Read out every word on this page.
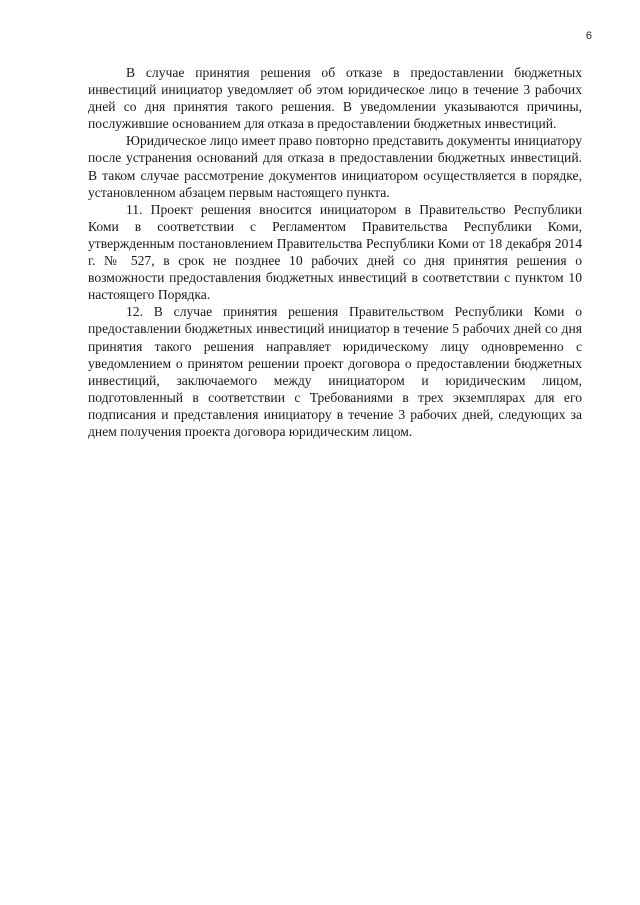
6

В случае принятия решения об отказе в предоставлении бюджетных инвестиций инициатор уведомляет об этом юридическое лицо в течение 3 рабочих дней со дня принятия такого решения. В уведомлении указываются причины, послужившие основанием для отказа в предоставлении бюджетных инвестиций.

Юридическое лицо имеет право повторно представить документы инициатору после устранения оснований для отказа в предоставлении бюджетных инвестиций. В таком случае рассмотрение документов инициатором осуществляется в порядке, установленном абзацем первым настоящего пункта.

11. Проект решения вносится инициатором в Правительство Республики Коми в соответствии с Регламентом Правительства Республики Коми, утвержденным постановлением Правительства Республики Коми от 18 декабря 2014 г. № 527, в срок не позднее 10 рабочих дней со дня принятия решения о возможности предоставления бюджетных инвестиций в соответствии с пунктом 10 настоящего Порядка.

12. В случае принятия решения Правительством Республики Коми о предоставлении бюджетных инвестиций инициатор в течение 5 рабочих дней со дня принятия такого решения направляет юридическому лицу одновременно с уведомлением о принятом решении проект договора о предоставлении бюджетных инвестиций, заключаемого между инициатором и юридическим лицом, подготовленный в соответствии с Требованиями в трех экземплярах для его подписания и представления инициатору в течение 3 рабочих дней, следующих за днем получения проекта договора юридическим лицом.
